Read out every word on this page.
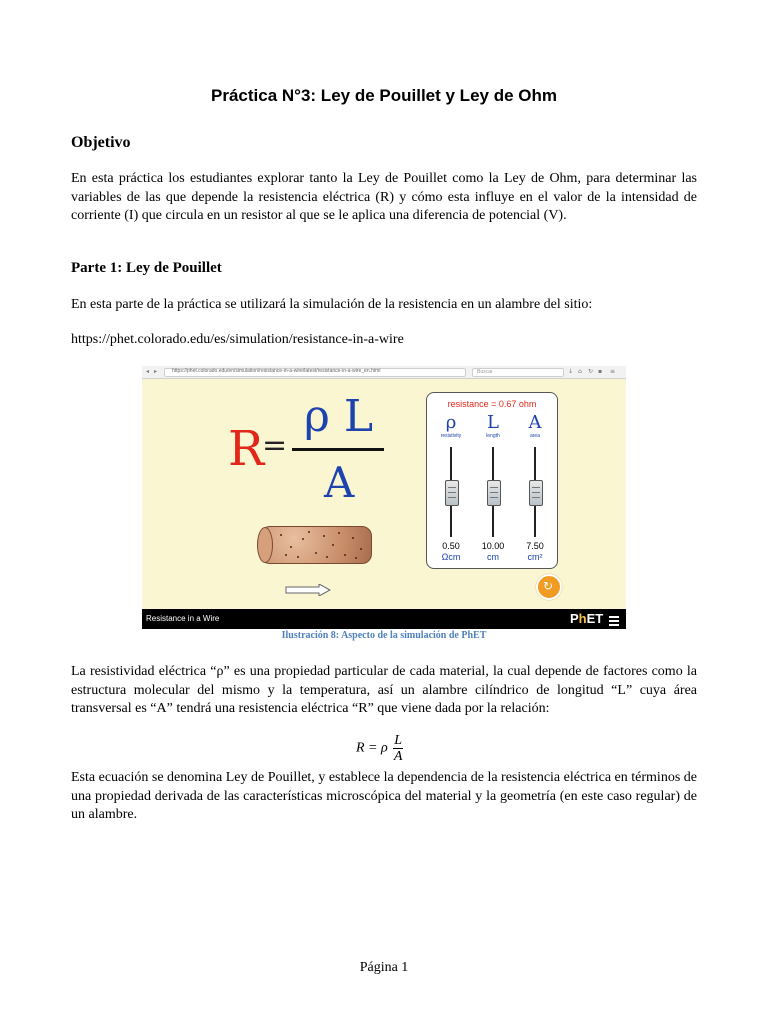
Práctica N°3: Ley de Pouillet y Ley de Ohm
Objetivo
En esta práctica los estudiantes explorar tanto la Ley de Pouillet como la Ley de Ohm, para determinar las variables de las que depende la resistencia eléctrica (R) y cómo esta influye en el valor de la intensidad de corriente (I) que circula en un resistor al que se le aplica una diferencia de potencial (V).
Parte 1: Ley de Pouillet
En esta parte de la práctica se utilizará la simulación de la resistencia en un alambre del sitio:
https://phet.colorado.edu/es/simulation/resistance-in-a-wire
◂ ▸	https://phet.colorado.edu/en/simulation/resistance-in-a-wire/latest/resistance-in-a-wire_en.html	Buscar	↓ ⌂	↻ ▪	≡
R
=
ρ L
A
resistance = 0.67 ohm
ρ
resistivity
L
length
A
area
0.50
Ωcm
10.00
cm
7.50
cm²
↻
Resistance in a Wire	PhET
Ilustración 8: Aspecto de la simulación de PhET
La resistividad eléctrica “ρ” es una propiedad particular de cada material, la cual depende de factores como la estructura molecular del mismo y la temperatura, así un alambre cilíndrico de longitud “L” cuya área transversal es “A” tendrá una resistencia eléctrica “R” que viene dada por la relación:
R = ρ $\frac{L}{A}$
Esta ecuación se denomina Ley de Pouillet, y establece la dependencia de la resistencia eléctrica en términos de una propiedad derivada de las características microscópica del material y la geometría (en este caso regular) de un alambre.
Página 1
